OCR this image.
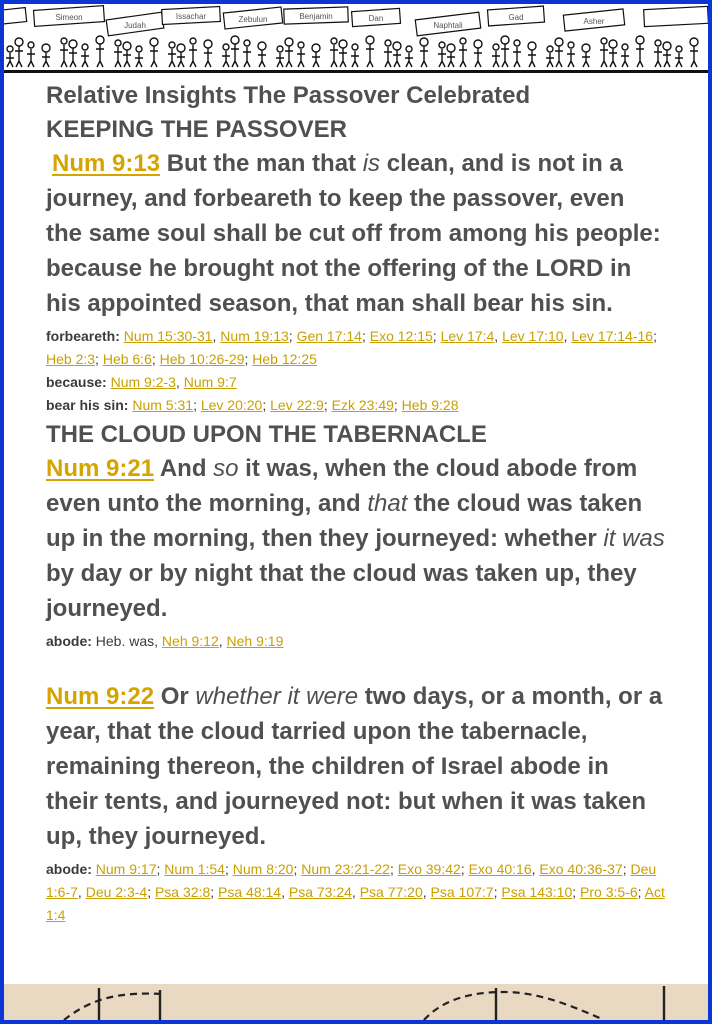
Simeon
Judah
Issachar	Zebulun	Benjamin	Dan
Naphtali
Gad	Asher

Relative Insights The Passover Celebrated

KEEPING THE PASSOVER

Num 9:13 But the man that is clean, and is not in a journey, and forbeareth to keep the passover, even the same soul shall be cut off from among his people: because he brought not the offering of the LORD in his appointed season, that man shall bear his sin.

forbeareth: Num 15:30-31, Num 19:13; Gen 17:14; Exo 12:15; Lev 17:4, Lev 17:10, Lev 17:14-16; Heb 2:3; Heb 6:6; Heb 10:26-29; Heb 12:25

because: Num 9:2-3, Num 9:7

bear his sin: Num 5:31; Lev 20:20; Lev 22:9; Ezk 23:49; Heb 9:28

THE CLOUD UPON THE TABERNACLE

Num 9:21 And so it was, when the cloud abode from even unto the morning, and that the cloud was taken up in the morning, then they journeyed: whether it was by day or by night that the cloud was taken up, they journeyed.

abode: Heb. was, Neh 9:12, Neh 9:19

Num 9:22 Or whether it were two days, or a month, or a year, that the cloud tarried upon the tabernacle, remaining thereon, the children of Israel abode in their tents, and journeyed not: but when it was taken up, they journeyed.

abode: Num 9:17; Num 1:54; Num 8:20; Num 23:21-22; Exo 39:42; Exo 40:16, Exo 40:36-37; Deu 1:6-7, Deu 2:3-4; Psa 32:8; Psa 48:14, Psa 73:24, Psa 77:20, Psa 107:7; Psa 143:10; Pro 3:5-6; Act 1:4
